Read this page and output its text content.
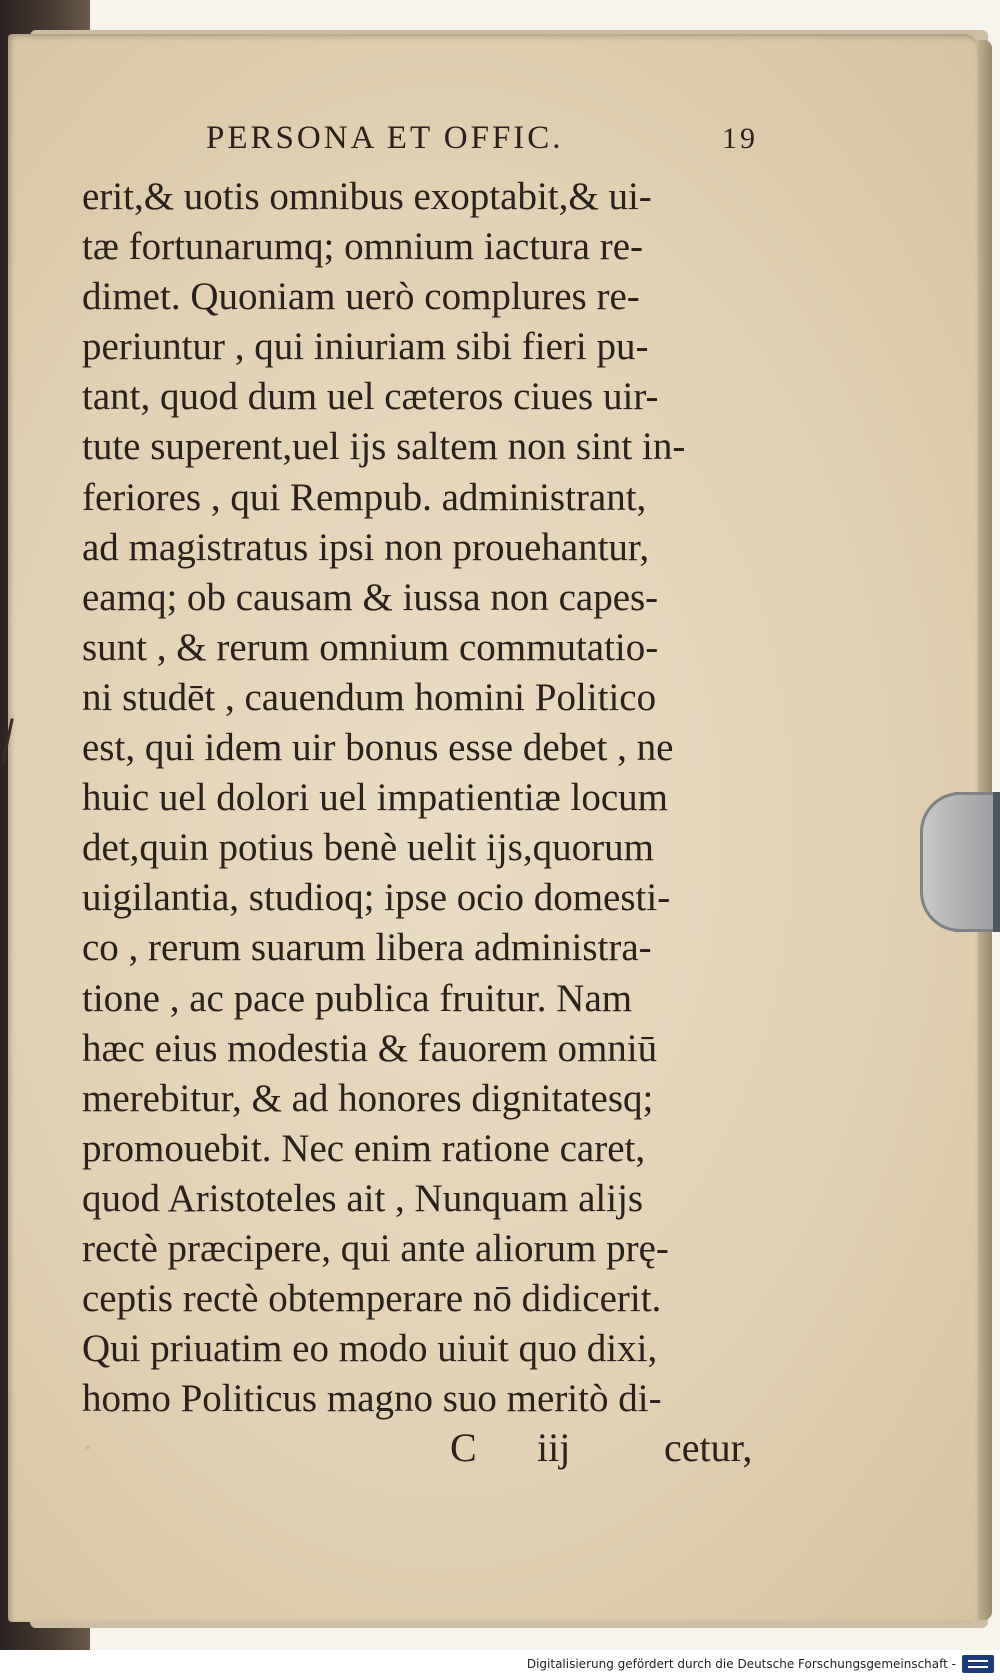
.
PERSONA ET OFFIC.	19
erit,& uotis omnibus exoptabit,& ui-
tæ fortunarumq; omnium iactura re-
dimet. Quoniam uerò complures re-
periuntur , qui iniuriam sibi fieri pu-
tant, quod dum uel cæteros ciues uir-
tute superent,uel ijs saltem non sint in-
feriores , qui Rempub. administrant,
ad magistratus ipsi non prouehantur,
eamq; ob causam & iussa non capes-
sunt , & rerum omnium commutatio-
ni studēt , cauendum homini Politico
est, qui idem uir bonus esse debet , ne
huic uel dolori uel impatientiæ locum
det,quin potius benè uelit ijs,quorum
uigilantia, studioq; ipse ocio domesti-
co , rerum suarum libera administra-
tione , ac pace publica fruitur. Nam
hæc eius modestia & fauorem omniū
merebitur, & ad honores dignitatesq;
promouebit. Nec enim ratione caret,
quod Aristoteles ait , Nunquam alijs
rectè præcipere, qui ante aliorum prę-
ceptis rectè obtemperare nō didicerit.
Qui priuatim eo modo uiuit quo dixi,
homo Politicus magno suo meritò di-
C iij cetur,
Digitalisierung gefördert durch die Deutsche Forschungsgemeinschaft -
